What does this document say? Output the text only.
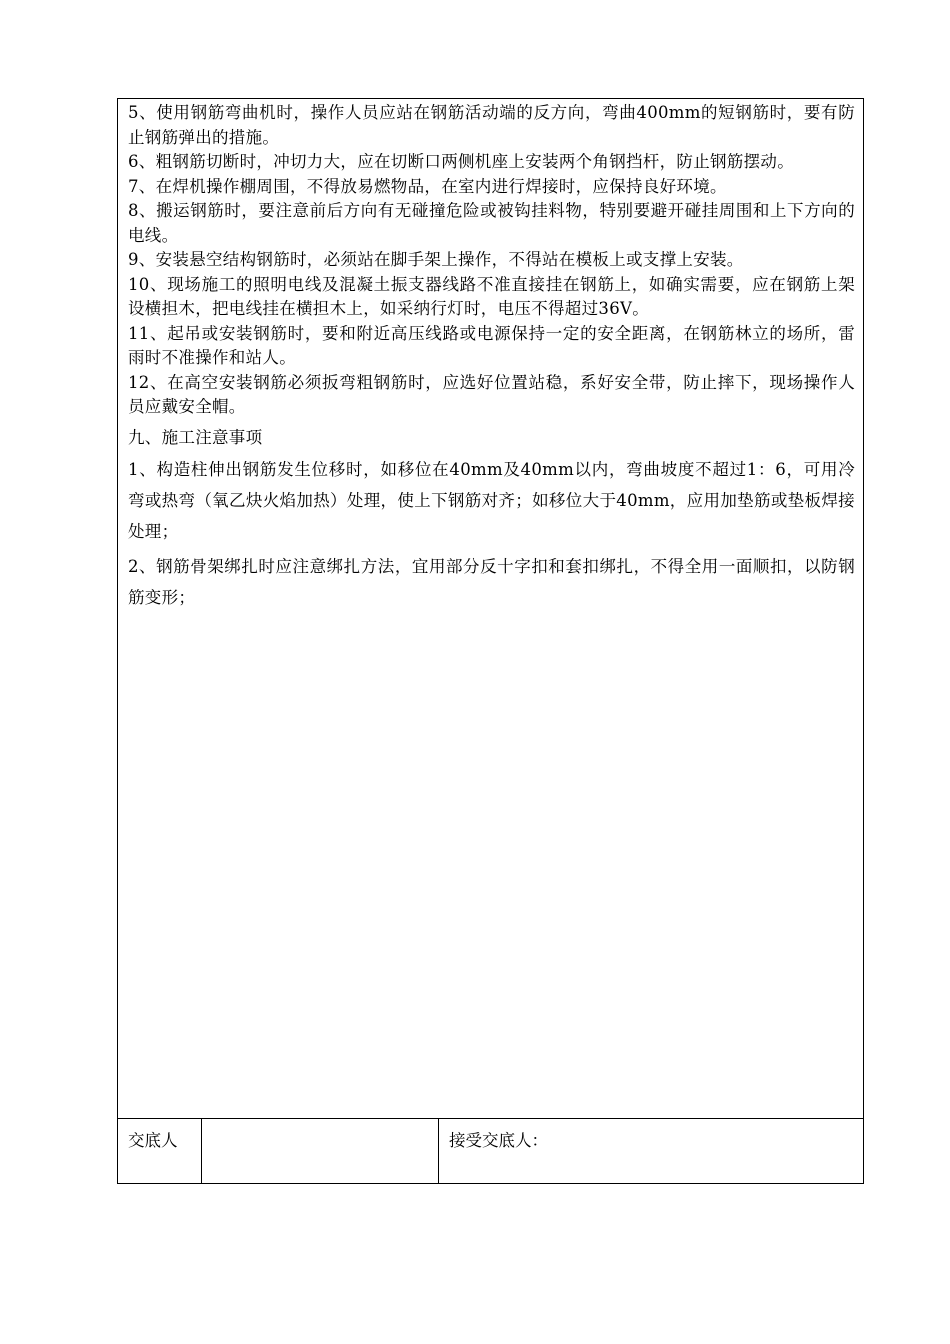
5、使用钢筋弯曲机时，操作人员应站在钢筋活动端的反方向，弯曲400mm的短钢筋时，要有防止钢筋弹出的措施。

6、粗钢筋切断时，冲切力大，应在切断口两侧机座上安装两个角钢挡杆，防止钢筋摆动。

7、在焊机操作棚周围，不得放易燃物品，在室内进行焊接时，应保持良好环境。

8、搬运钢筋时，要注意前后方向有无碰撞危险或被钩挂料物，特别要避开碰挂周围和上下方向的电线。

9、安装悬空结构钢筋时，必须站在脚手架上操作，不得站在模板上或支撑上安装。

10、现场施工的照明电线及混凝土振支器线路不准直接挂在钢筋上，如确实需要，应在钢筋上架设横担木，把电线挂在横担木上，如采纳行灯时，电压不得超过36V。

11、起吊或安装钢筋时，要和附近高压线路或电源保持一定的安全距离，在钢筋林立的场所，雷雨时不准操作和站人。

12、在高空安装钢筋必须扳弯粗钢筋时，应选好位置站稳，系好安全带，防止摔下，现场操作人员应戴安全帽。

九、施工注意事项

1、构造柱伸出钢筋发生位移时，如移位在40mm及40mm以内，弯曲坡度不超过1：6，可用冷弯或热弯（氧乙炔火焰加热）处理，使上下钢筋对齐；如移位大于40mm，应用加垫筋或垫板焊接处理；

2、钢筋骨架绑扎时应注意绑扎方法，宜用部分反十字扣和套扣绑扎，不得全用一面顺扣，以防钢筋变形；

交底人	接受交底人：
